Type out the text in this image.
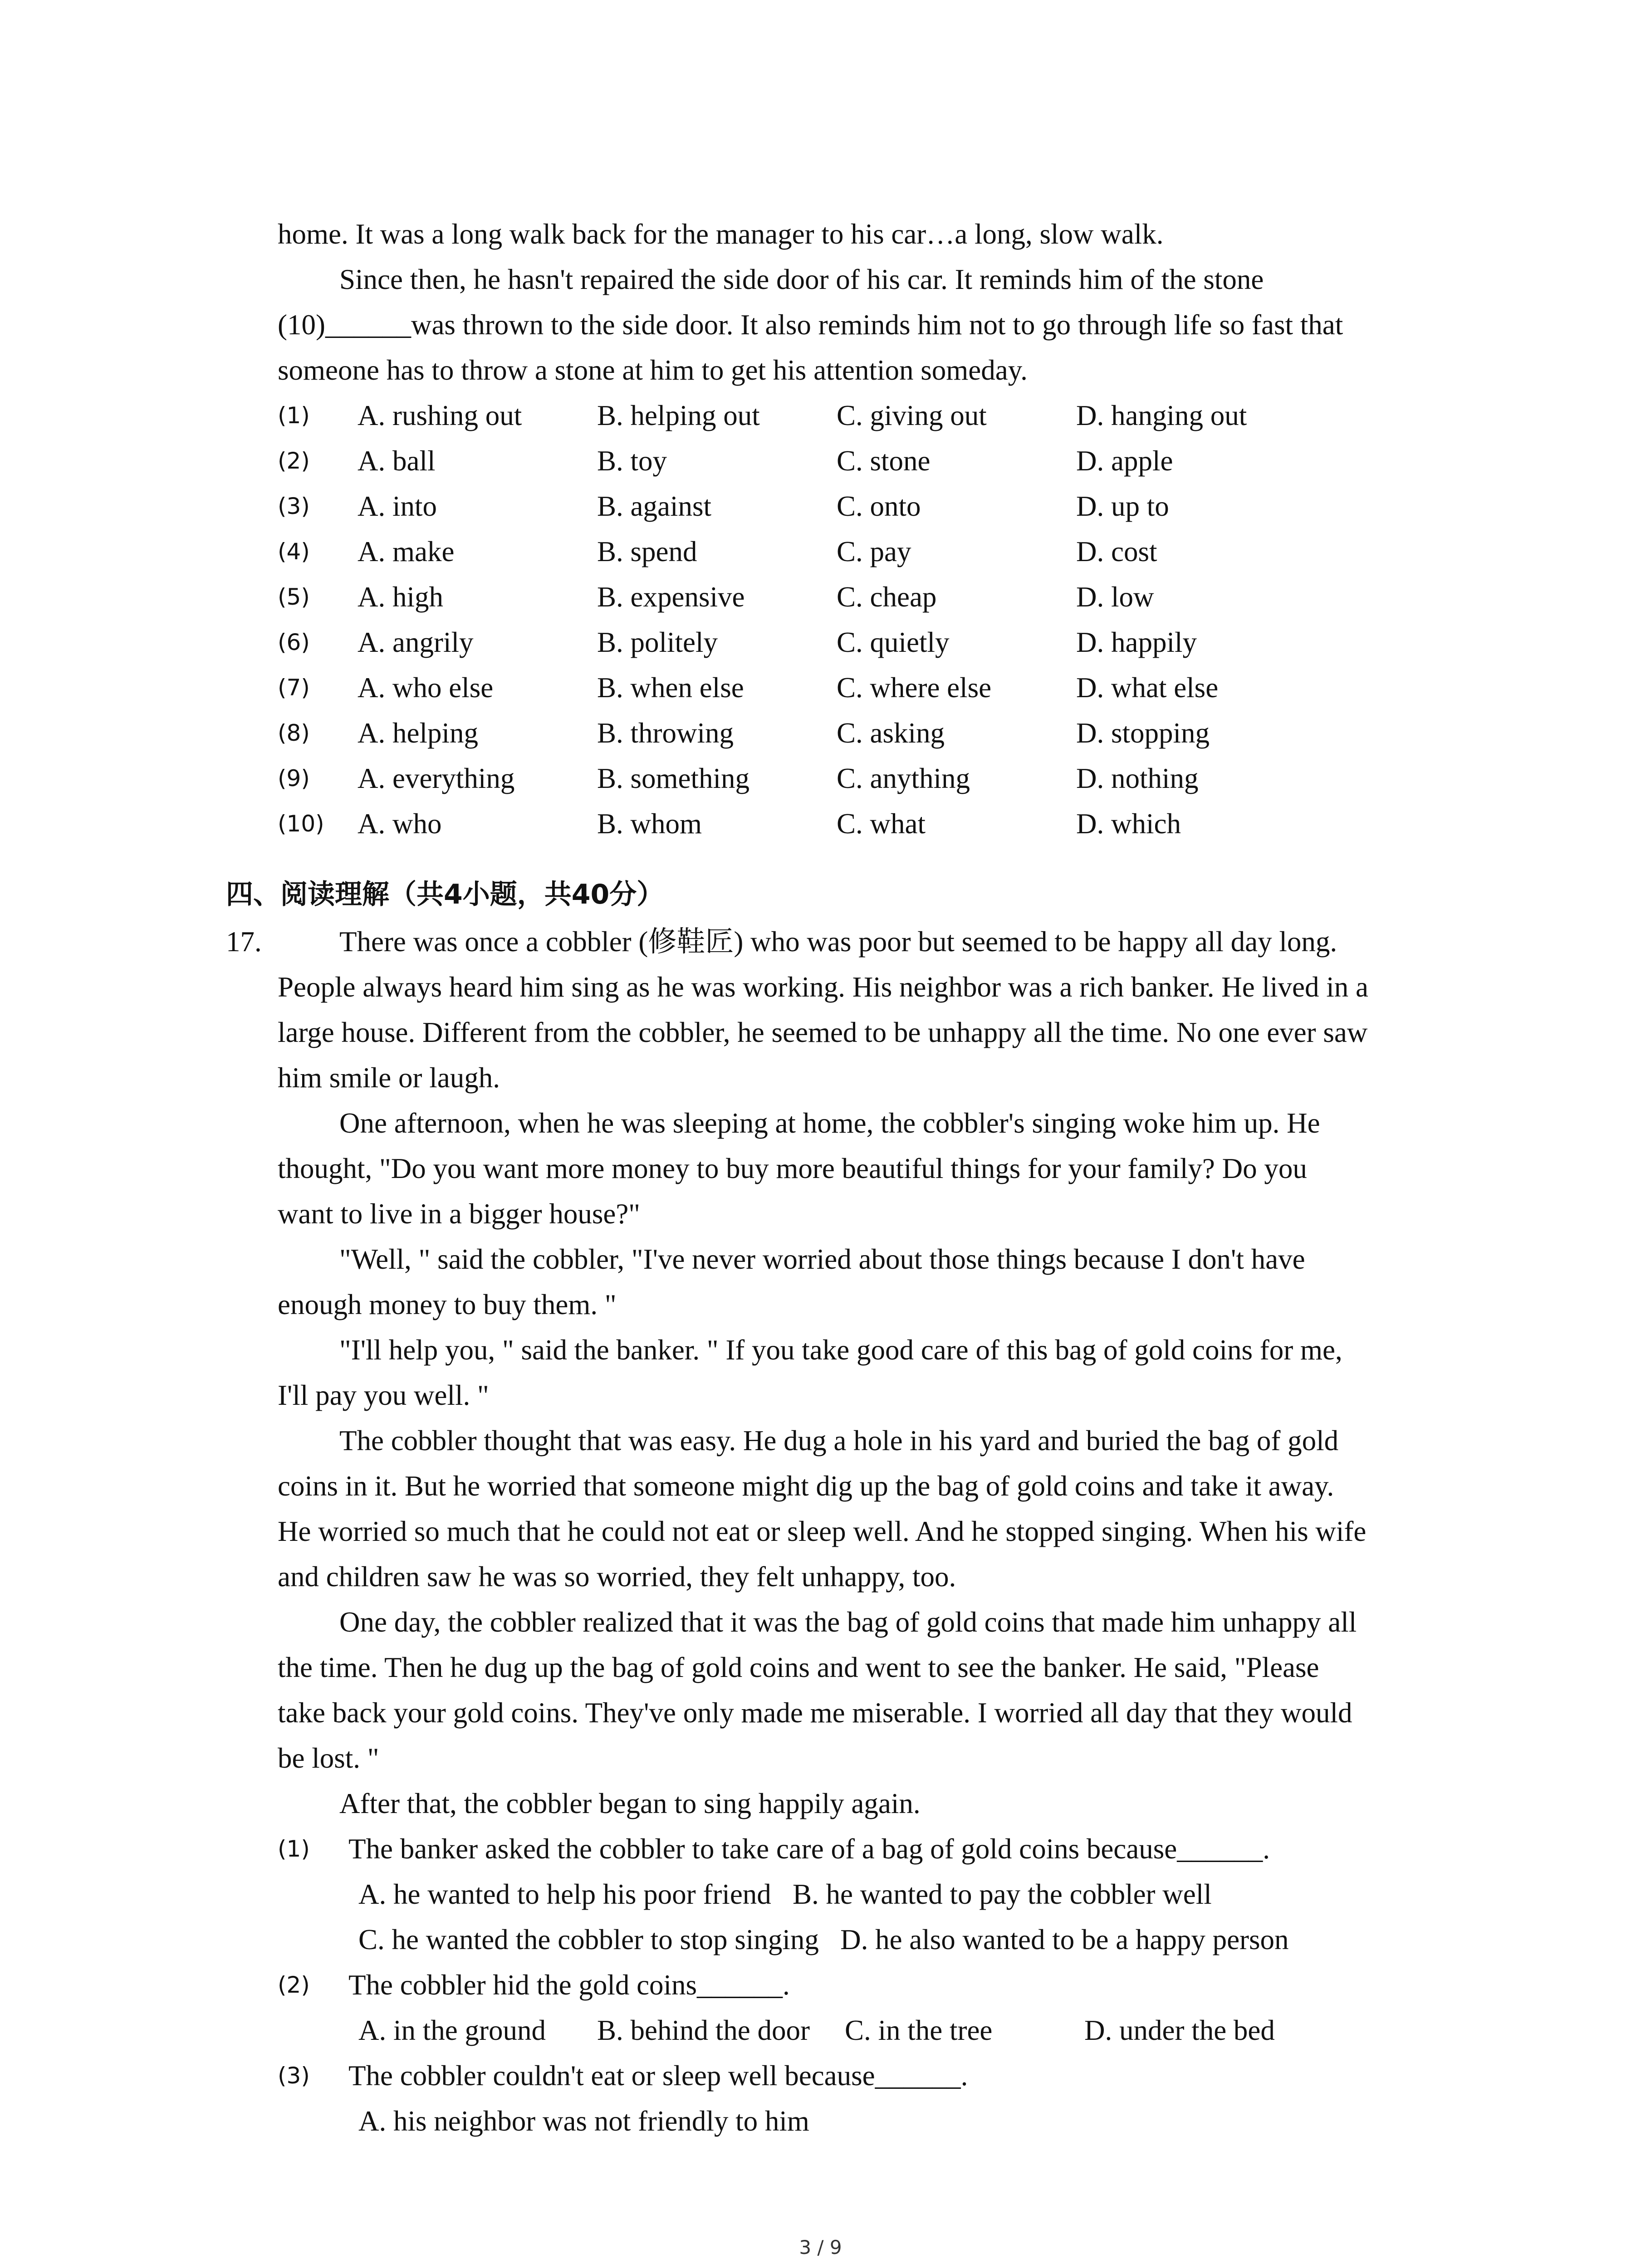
home. It was a long walk back for the manager to his car…a long, slow walk.
Since then, he hasn't repaired the side door of his car. It reminds him of the stone
(10)______was thrown to the side door. It also reminds him not to go through life so fast that
someone has to throw a stone at him to get his attention someday.
(1) A. rushing out	B. helping out	C. giving out	D. hanging out
(2) A. ball	B. toy	C. stone	D. apple
(3) A. into	B. against	C. onto	D. up to
(4) A. make	B. spend	C. pay	D. cost
(5) A. high	B. expensive	C. cheap	D. low
(6) A. angrily	B. politely	C. quietly	D. happily
(7) A. who else	B. when else	C. where else	D. what else
(8) A. helping	B. throwing	C. asking	D. stopping
(9) A. everything	B. something	C. anything	D. nothing
(10) A. who	B. whom	C. what	D. which
四、阅读理解（共4小题，共40分）
17.	There was once a cobbler (修鞋匠) who was poor but seemed to be happy all day long.
People always heard him sing as he was working. His neighbor was a rich banker. He lived in a
large house. Different from the cobbler, he seemed to be unhappy all the time. No one ever saw
him smile or laugh.
One afternoon, when he was sleeping at home, the cobbler's singing woke him up. He
thought, "Do you want more money to buy more beautiful things for your family? Do you
want to live in a bigger house?"
"Well, " said the cobbler, "I've never worried about those things because I don't have
enough money to buy them. "
"I'll help you, " said the banker. " If you take good care of this bag of gold coins for me,
I'll pay you well. "
The cobbler thought that was easy. He dug a hole in his yard and buried the bag of gold
coins in it. But he worried that someone might dig up the bag of gold coins and take it away.
He worried so much that he could not eat or sleep well. And he stopped singing. When his wife
and children saw he was so worried, they felt unhappy, too.
One day, the cobbler realized that it was the bag of gold coins that made him unhappy all
the time. Then he dug up the bag of gold coins and went to see the banker. He said, "Please
take back your gold coins. They've only made me miserable. I worried all day that they would
be lost. "
After that, the cobbler began to sing happily again.
(1) The banker asked the cobbler to take care of a bag of gold coins because______.
A. he wanted to help his poor friend   B. he wanted to pay the cobbler well
C. he wanted the cobbler to stop singing   D. he also wanted to be a happy person
(2) The cobbler hid the gold coins______.
A. in the ground B. behind the door C. in the tree	D. under the bed
(3) The cobbler couldn't eat or sleep well because______.
A. his neighbor was not friendly to him
3 / 9
